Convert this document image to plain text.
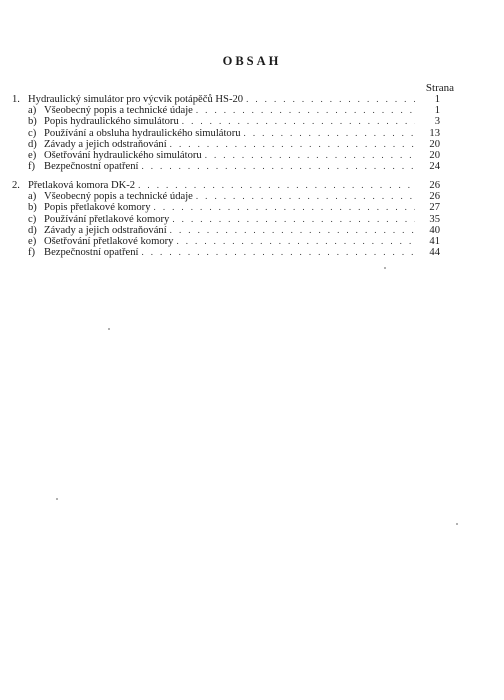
OBSAH
Strana
1. Hydraulický simulátor pro výcvik potápěčů HS-20 . . .	1
a) Všeobecný popis a technické údaje . . .	1
b) Popis hydraulického simulátoru . . .	3
c) Používání a obsluha hydraulického simulátoru . . .	13
d) Závady a jejich odstraňování . . .	20
e) Ošetřování hydraulického simulátoru . . .	20
f) Bezpečnostní opatření . . .	24
2. Přetlaková komora DK-2 . . .	26
a) Všeobecný popis a technické údaje . . .	26
b) Popis přetlakové komory . . .	27
c) Používání přetlakové komory . . .	35
d) Závady a jejich odstraňování . . .	40
e) Ošetřování přetlakové komory . . .	41
f) Bezpečnostní opatření . . .	44
